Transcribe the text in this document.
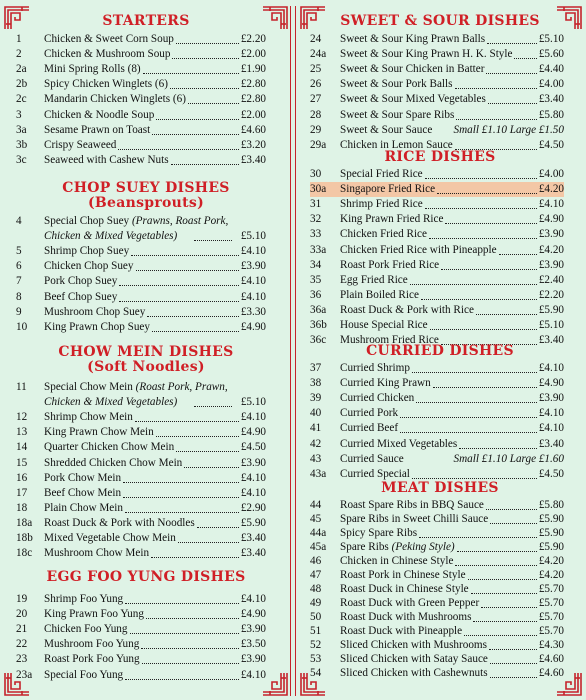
STARTERS
1 Chicken & Sweet Corn Soup	£2.20
2 Chicken & Mushroom Soup	£2.00
2a Mini Spring Rolls (8)	£1.90
2b Spicy Chicken Winglets (6)	£2.80
2c Mandarin Chicken Winglets (6)	£2.80
3 Chicken & Noodle Soup	£2.00
3a Sesame Prawn on Toast	£4.60
3b Crispy Seaweed	£3.20
3c Seaweed with Cashew Nuts	£3.40
CHOP SUEY DISHES
(Beansprouts)
4 Special Chop Suey (Prawns, Roast Pork,
Chicken & Mixed Vegetables)	£5.10
5 Shrimp Chop Suey	£4.10
6 Chicken Chop Suey	£3.90
7 Pork Chop Suey	£4.10
8 Beef Chop Suey	£4.10
9 Mushroom Chop Suey	£3.30
10 King Prawn Chop Suey	£4.90
CHOW MEIN DISHES
(Soft Noodles)
11 Special Chow Mein (Roast Pork, Prawn,
Chicken & Mixed Vegetables)	£5.10
12 Shrimp Chow Mein	£4.10
13 King Prawn Chow Mein	£4.90
14 Quarter Chicken Chow Mein	£4.50
15 Shredded Chicken Chow Mein	£3.90
16 Pork Chow Mein	£4.10
17 Beef Chow Mein	£4.10
18 Plain Chow Mein	£2.90
18a Roast Duck & Pork with Noodles	£5.90
18b Mixed Vegetable Chow Mein	£3.40
18c Mushroom Chow Mein	£3.40
EGG FOO YUNG DISHES
19 Shrimp Foo Yung	£4.10
20 King Prawn Foo Yung	£4.90
21 Chicken Foo Yung	£3.90
22 Mushroom Foo Yung	£3.50
23 Roast Pork Foo Yung	£3.90
23a Special Foo Yung	£4.10
SWEET & SOUR DISHES
24 Sweet & Sour King Prawn Balls	£5.10
24a Sweet & Sour King Prawn H. K. Style £5.60
25 Sweet & Sour Chicken in Batter	£4.40
26 Sweet & Sour Pork Balls	£4.00
27 Sweet & Sour Mixed Vegetables	£3.40
28 Sweet & Sour Spare Ribs	£5.80
29 Sweet & Sour Sauce Small £1.10 Large £1.50
29a Chicken in Lemon Sauce	£4.50
RICE DISHES
30 Special Fried Rice	£4.00
30a Singapore Fried Rice	£4.20
31 Shrimp Fried Rice	£4.10
32 King Prawn Fried Rice	£4.90
33 Chicken Fried Rice	£3.90
33a Chicken Fried Rice with Pineapple	£4.20
34 Roast Pork Fried Rice	£3.90
35 Egg Fried Rice	£2.40
36 Plain Boiled Rice	£2.20
36a Roast Duck & Pork with Rice	£5.90
36b House Special Rice	£5.10
36c Mushroom Fried Rice	£3.40
CURRIED DISHES
37 Curried Shrimp	£4.10
38 Curried King Prawn	£4.90
39 Curried Chicken	£3.90
40 Curried Pork	£4.10
41 Curried Beef	£4.10
42 Curried Mixed Vegetables	£3.40
43 Curried Sauce	Small £1.10 Large £1.60
43a Curried Special	£4.50
MEAT DISHES
44 Roast Spare Ribs in BBQ Sauce	£5.80
45 Spare Ribs in Sweet Chilli Sauce	£5.90
44a Spicy Spare Ribs	£5.90
45a Spare Ribs (Peking Style)	£5.90
46 Chicken in Chinese Style	£4.20
47 Roast Pork in Chinese Style	£4.20
48 Roast Duck in Chinese Style	£5.70
49 Roast Duck with Green Pepper	£5.70
50 Roast Duck with Mushrooms	£5.70
51 Roast Duck with Pineapple	£5.70
52 Sliced Chicken with Mushrooms	£4.30
53 Sliced Chicken with Satay Sauce	£4.60
54 Sliced Chicken with Cashewnuts	£4.60
